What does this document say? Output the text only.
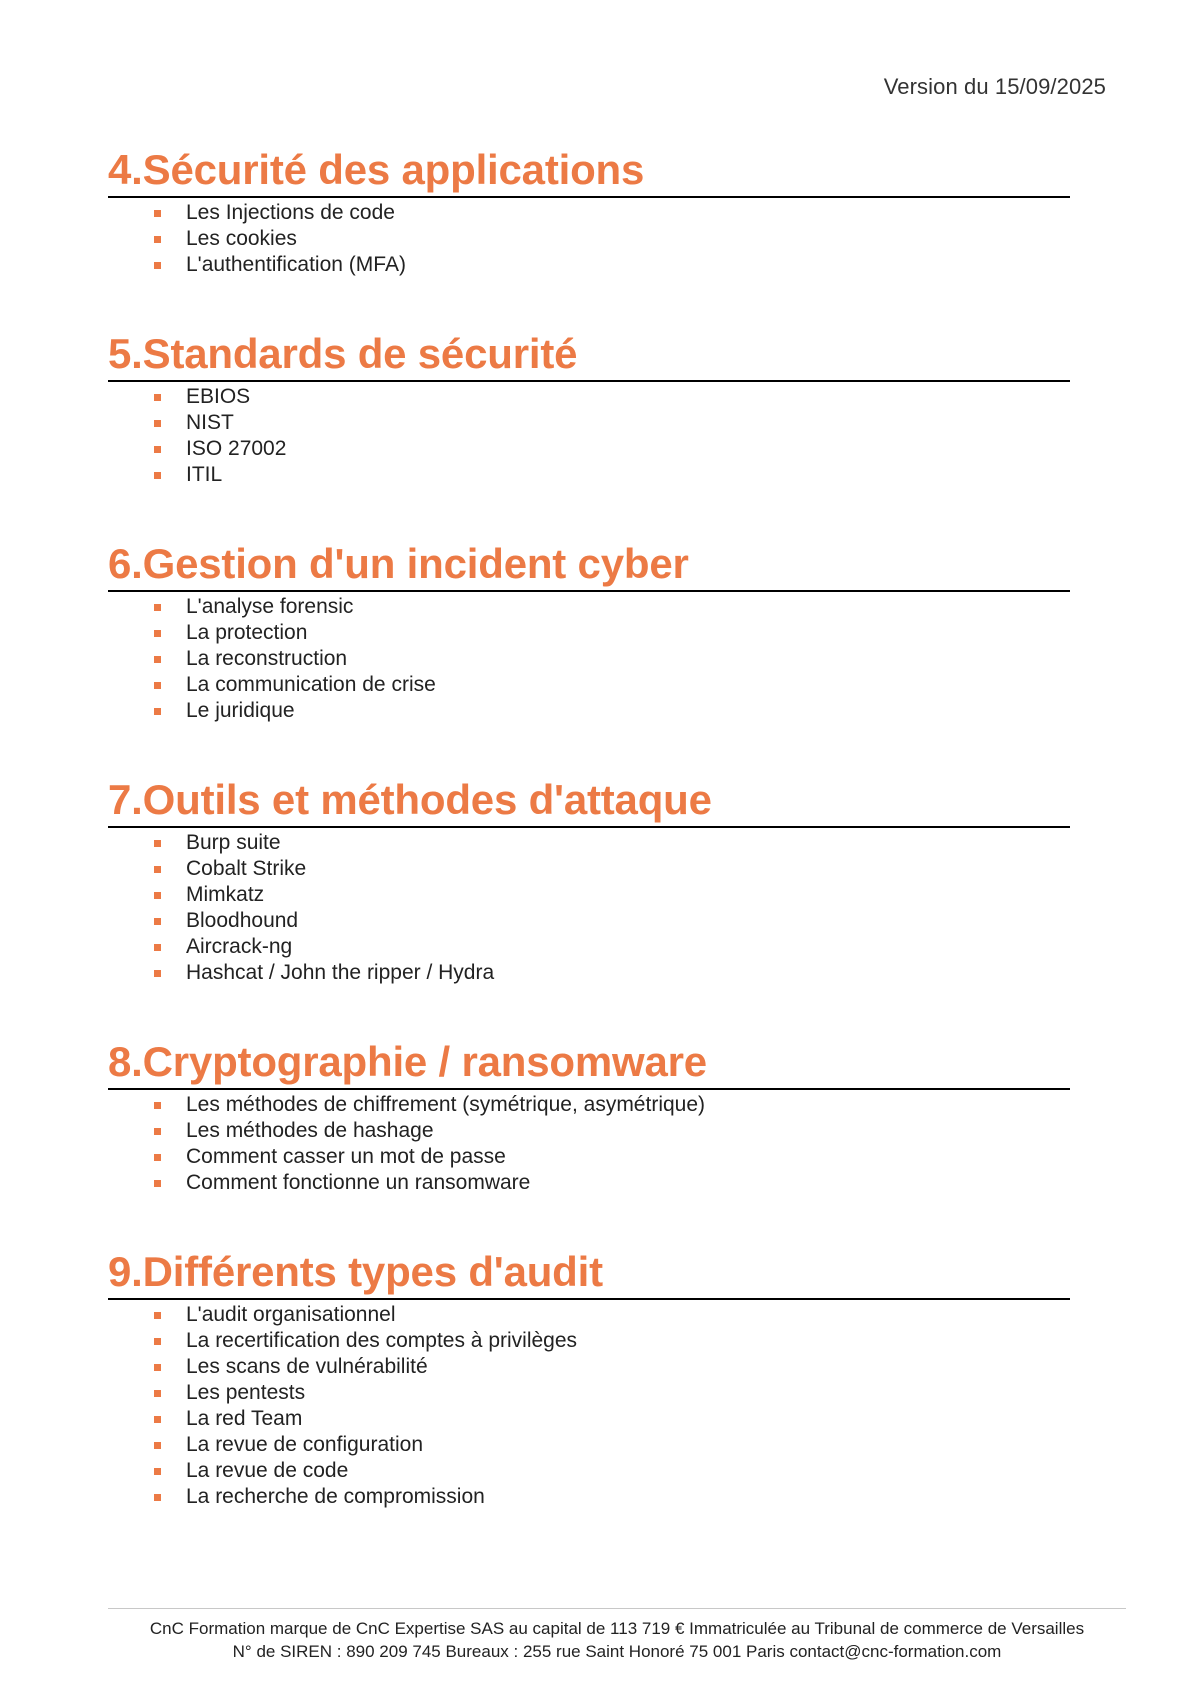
Version du 15/09/2025
4. Sécurité des applications
Les Injections de code
Les cookies
L'authentification (MFA)
5. Standards de sécurité
EBIOS
NIST
ISO 27002
ITIL
6. Gestion d'un incident cyber
L'analyse forensic
La protection
La reconstruction
La communication de crise
Le juridique
7. Outils et méthodes d'attaque
Burp suite
Cobalt Strike
Mimkatz
Bloodhound
Aircrack-ng
Hashcat / John the ripper / Hydra
8. Cryptographie / ransomware
Les méthodes de chiffrement (symétrique, asymétrique)
Les méthodes de hashage
Comment casser un mot de passe
Comment fonctionne un ransomware
9. Différents types d'audit
L'audit organisationnel
La recertification des comptes à privilèges
Les scans de vulnérabilité
Les pentests
La red Team
La revue de configuration
La revue de code
La recherche de compromission
CnC Formation marque de CnC Expertise SAS au capital de 113 719 € Immatriculée au Tribunal de commerce de Versailles
N° de SIREN : 890 209 745 Bureaux : 255 rue Saint Honoré 75 001 Paris contact@cnc-formation.com
